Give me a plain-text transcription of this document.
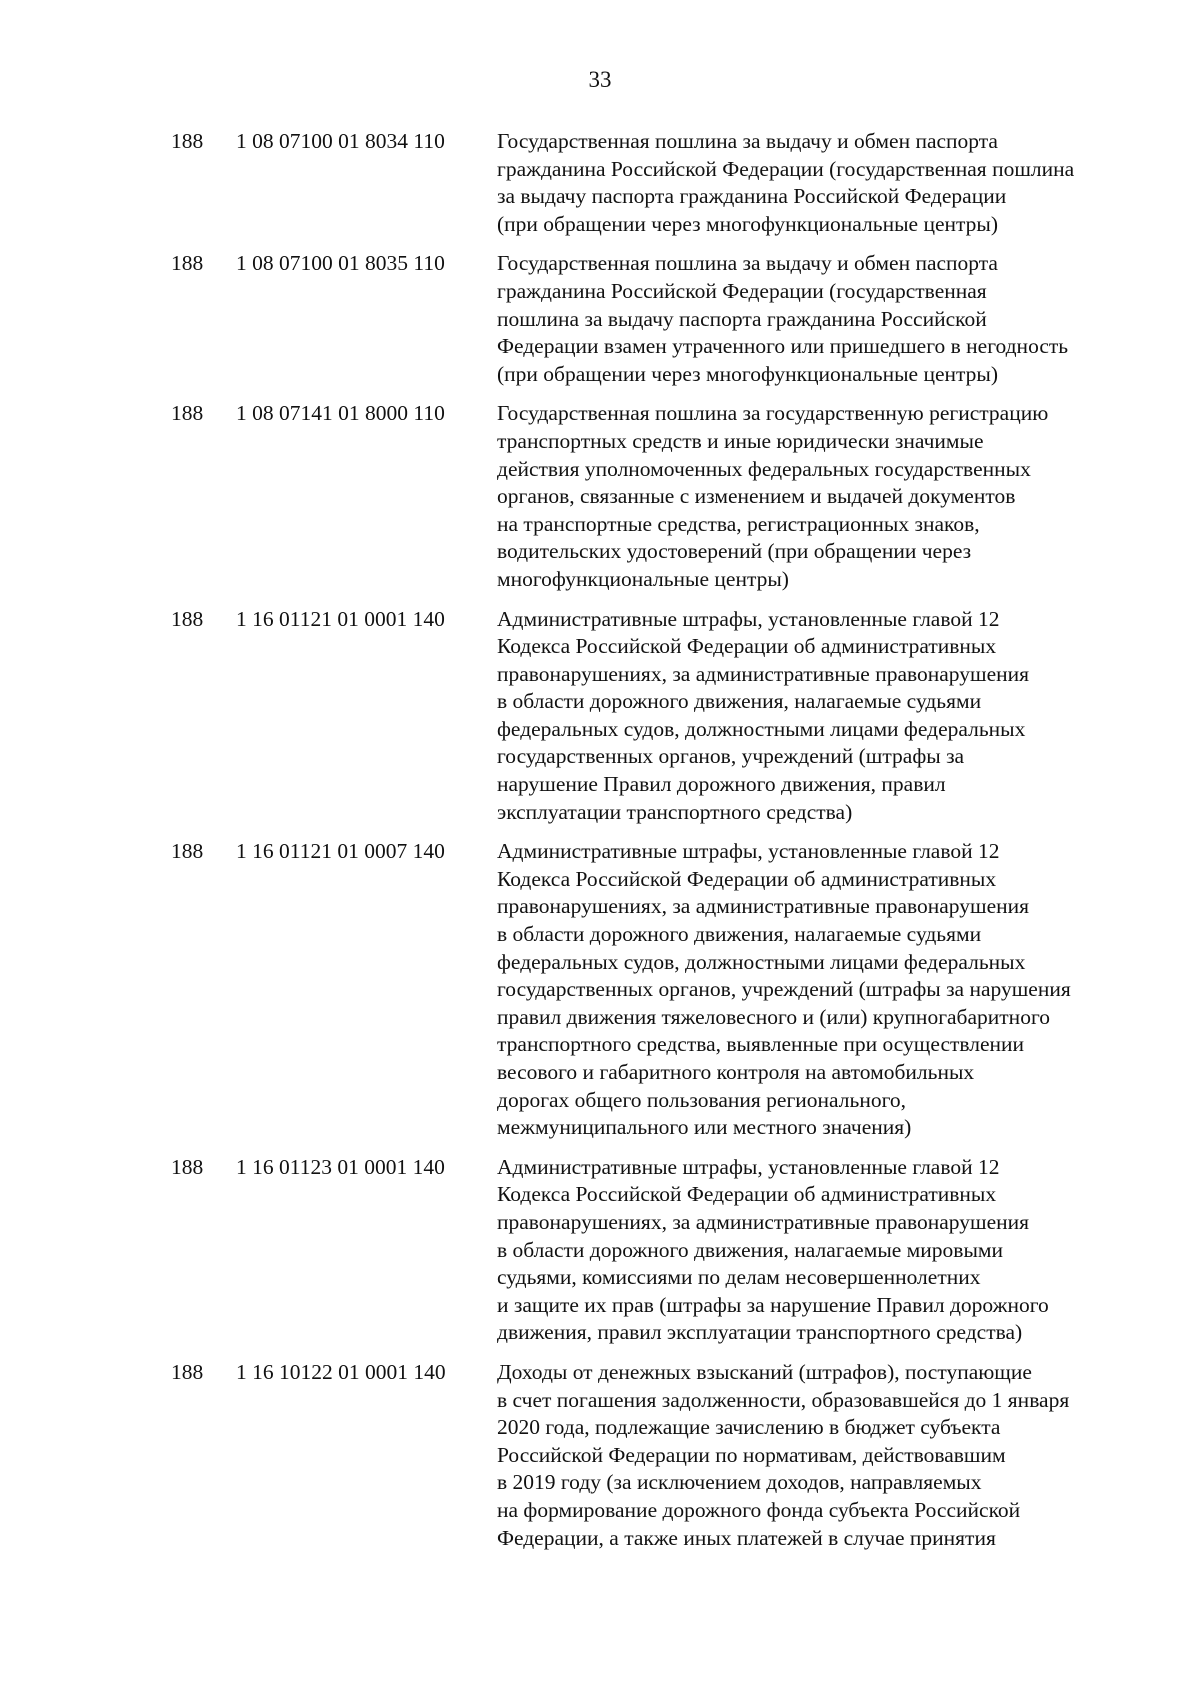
33
188 1 08 07100 01 8034 110 Государственная пошлина за выдачу и обмен паспорта
гражданина Российской Федерации (государственная пошлина
за выдачу паспорта гражданина Российской Федерации
(при обращении через многофункциональные центры)
188 1 08 07100 01 8035 110 Государственная пошлина за выдачу и обмен паспорта
гражданина Российской Федерации (государственная
пошлина за выдачу паспорта гражданина Российской
Федерации взамен утраченного или пришедшего в негодность
(при обращении через многофункциональные центры)
188 1 08 07141 01 8000 110 Государственная пошлина за государственную регистрацию
транспортных средств и иные юридически значимые
действия уполномоченных федеральных государственных
органов, связанные с изменением и выдачей документов
на транспортные средства, регистрационных знаков,
водительских удостоверений (при обращении через
многофункциональные центры)
188 1 16 01121 01 0001 140 Административные штрафы, установленные главой 12
Кодекса Российской Федерации об административных
правонарушениях, за административные правонарушения
в области дорожного движения, налагаемые судьями
федеральных судов, должностными лицами федеральных
государственных органов, учреждений (штрафы за
нарушение Правил дорожного движения, правил
эксплуатации транспортного средства)
188 1 16 01121 01 0007 140 Административные штрафы, установленные главой 12
Кодекса Российской Федерации об административных
правонарушениях, за административные правонарушения
в области дорожного движения, налагаемые судьями
федеральных судов, должностными лицами федеральных
государственных органов, учреждений (штрафы за нарушения
правил движения тяжеловесного и (или) крупногабаритного
транспортного средства, выявленные при осуществлении
весового и габаритного контроля на автомобильных
дорогах общего пользования регионального,
межмуниципального или местного значения)
188 1 16 01123 01 0001 140 Административные штрафы, установленные главой 12
Кодекса Российской Федерации об административных
правонарушениях, за административные правонарушения
в области дорожного движения, налагаемые мировыми
судьями, комиссиями по делам несовершеннолетних
и защите их прав (штрафы за нарушение Правил дорожного
движения, правил эксплуатации транспортного средства)
188 1 16 10122 01 0001 140 Доходы от денежных взысканий (штрафов), поступающие
в счет погашения задолженности, образовавшейся до 1 января
2020 года, подлежащие зачислению в бюджет субъекта
Российской Федерации по нормативам, действовавшим
в 2019 году (за исключением доходов, направляемых
на формирование дорожного фонда субъекта Российской
Федерации, а также иных платежей в случае принятия
